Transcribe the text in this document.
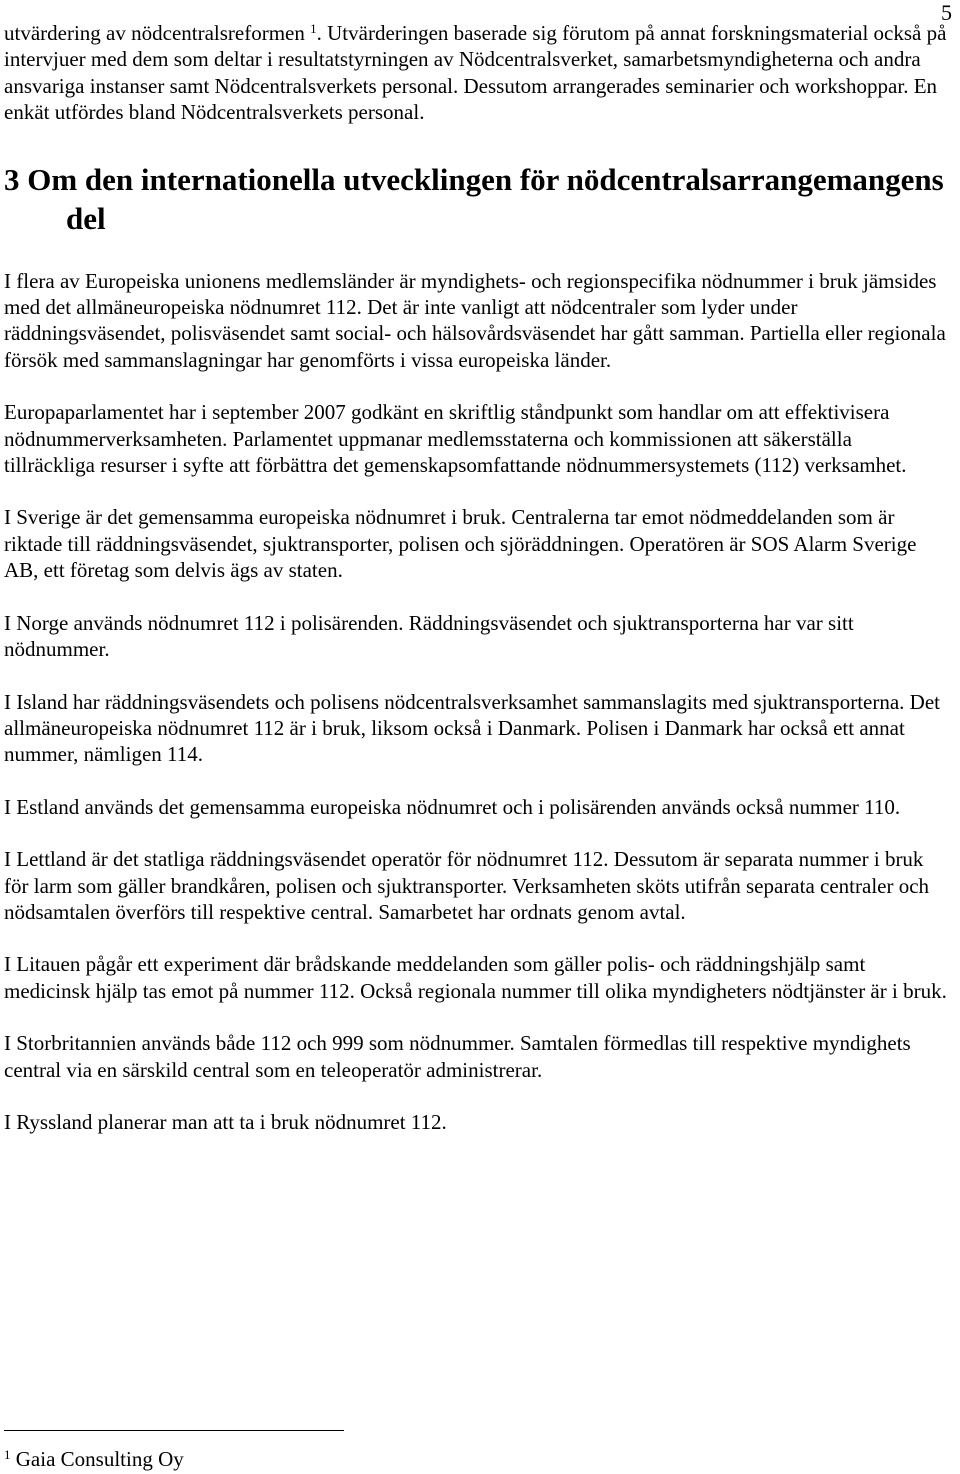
5

utvärdering av nödcentralsreformen $^1$. Utvärderingen baserade sig förutom på annat forskningsmaterial också på intervjuer med dem som deltar i resultatstyrningen av Nödcentralsverket, samarbetsmyndigheterna och andra ansvariga instanser samt Nödcentralsverkets personal. Dessutom arrangerades seminarier och workshoppar. En enkät utfördes bland Nödcentralsverkets personal.

3 Om den internationella utvecklingen för nödcentralsarrangemangens del

I flera av Europeiska unionens medlemsländer är myndighets- och regionspecifika nödnummer i bruk jämsides med det allmäneuropeiska nödnumret 112. Det är inte vanligt att nödcentraler som lyder under räddningsväsendet, polisväsendet samt social- och hälsovårdsväsendet har gått samman. Partiella eller regionala försök med sammanslagningar har genomförts i vissa europeiska länder.

Europaparlamentet har i september 2007 godkänt en skriftlig ståndpunkt som handlar om att effektivisera nödnummerverksamheten. Parlamentet uppmanar medlemsstaterna och kommissionen att säkerställa tillräckliga resurser i syfte att förbättra det gemenskapsomfattande nödnummersystemets (112) verksamhet.

I Sverige är det gemensamma europeiska nödnumret i bruk. Centralerna tar emot nödmeddelanden som är riktade till räddningsväsendet, sjuktransporter, polisen och sjöräddningen. Operatören är SOS Alarm Sverige AB, ett företag som delvis ägs av staten.

I Norge används nödnumret 112 i polisärenden. Räddningsväsendet och sjuktransporterna har var sitt nödnummer.

I Island har räddningsväsendets och polisens nödcentralsverksamhet sammanslagits med sjuktransporterna. Det allmäneuropeiska nödnumret 112 är i bruk, liksom också i Danmark. Polisen i Danmark har också ett annat nummer, nämligen 114.

I Estland används det gemensamma europeiska nödnumret och i polisärenden används också nummer 110.

I Lettland är det statliga räddningsväsendet operatör för nödnumret 112. Dessutom är separata nummer i bruk för larm som gäller brandkåren, polisen och sjuktransporter. Verksamheten sköts utifrån separata centraler och nödsamtalen överförs till respektive central. Samarbetet har ordnats genom avtal.

I Litauen pågår ett experiment där brådskande meddelanden som gäller polis- och räddningshjälp samt medicinsk hjälp tas emot på nummer 112. Också regionala nummer till olika myndigheters nödtjänster är i bruk.

I Storbritannien används både 112 och 999 som nödnummer. Samtalen förmedlas till respektive myndighets central via en särskild central som en teleoperatör administrerar.

I Ryssland planerar man att ta i bruk nödnumret 112.

$^1$ Gaia Consulting Oy
